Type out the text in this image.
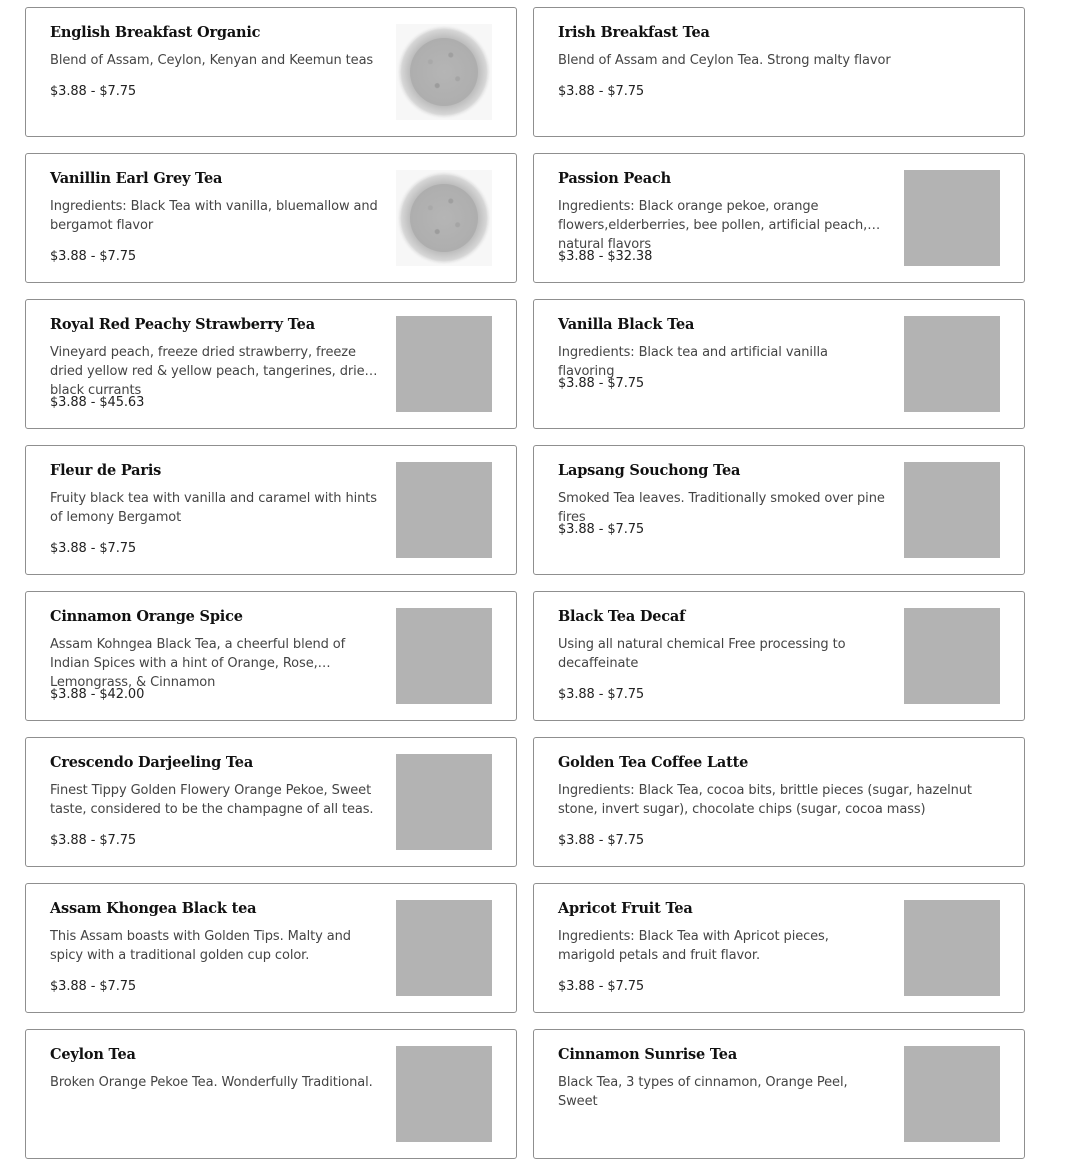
English Breakfast Organic
Blend of Assam, Ceylon, Kenyan and Keemun teas
$3.88 - $7.75
Irish Breakfast Tea
Blend of Assam and Ceylon Tea. Strong malty flavor
$3.88 - $7.75
Vanillin Earl Grey Tea
Ingredients: Black Tea with vanilla, bluemallow and bergamot flavor
$3.88 - $7.75
Passion Peach
Ingredients: Black orange pekoe, orange flowers,elderberries, bee pollen, artificial peach, natural flavors
$3.88 - $32.38
Royal Red Peachy Strawberry Tea
Vineyard peach, freeze dried strawberry, freeze dried yellow red & yellow peach, tangerines, dried black currants
$3.88 - $45.63
Vanilla Black Tea
Ingredients: Black tea and artificial vanilla flavoring
$3.88 - $7.75
Fleur de Paris
Fruity black tea with vanilla and caramel with hints of lemony Bergamot
$3.88 - $7.75
Lapsang Souchong Tea
Smoked Tea leaves. Traditionally smoked over pine fires
$3.88 - $7.75
Cinnamon Orange Spice
Assam Kohngea Black Tea, a cheerful blend of Indian Spices with a hint of Orange, Rose, Lemongrass, & Cinnamon
$3.88 - $42.00
Black Tea Decaf
Using all natural chemical Free processing to decaffeinate
$3.88 - $7.75
Crescendo Darjeeling Tea
Finest Tippy Golden Flowery Orange Pekoe, Sweet taste, considered to be the champagne of all teas.
$3.88 - $7.75
Golden Tea Coffee Latte
Ingredients: Black Tea, cocoa bits, brittle pieces (sugar, hazelnut stone, invert sugar), chocolate chips (sugar, cocoa mass)
$3.88 - $7.75
Assam Khongea Black tea
This Assam boasts with Golden Tips. Malty and spicy with a traditional golden cup color.
$3.88 - $7.75
Apricot Fruit Tea
Ingredients: Black Tea with Apricot pieces, marigold petals and fruit flavor.
$3.88 - $7.75
Ceylon Tea
Broken Orange Pekoe Tea. Wonderfully Traditional.
Cinnamon Sunrise Tea
Black Tea, 3 types of cinnamon, Orange Peel, Sweet
